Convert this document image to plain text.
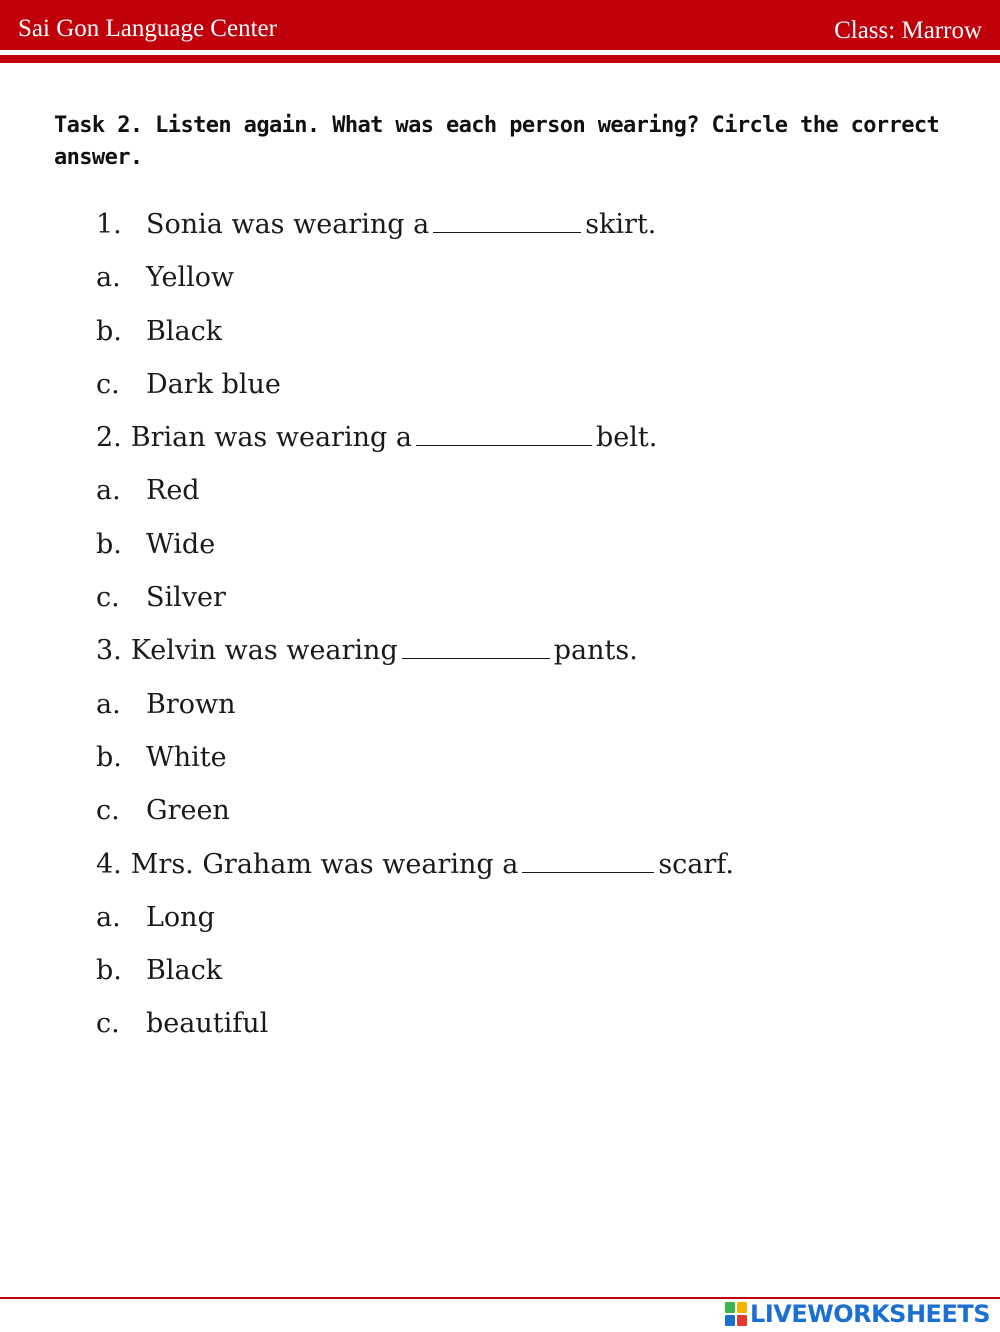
Sai Gon Language Center	Class: Marrow
Task 2. Listen again. What was each person wearing? Circle the correct answer.
1. Sonia was wearing a	skirt.
a. Yellow
b. Black
c. Dark blue
2. Brian was wearing a	belt.
a. Red
b. Wide
c. Silver
3. Kelvin was wearing	pants.
a. Brown
b. White
c. Green
4. Mrs. Graham was wearing a	scarf.
a. Long
b. Black
c. beautiful
LIVEWORKSHEETS
